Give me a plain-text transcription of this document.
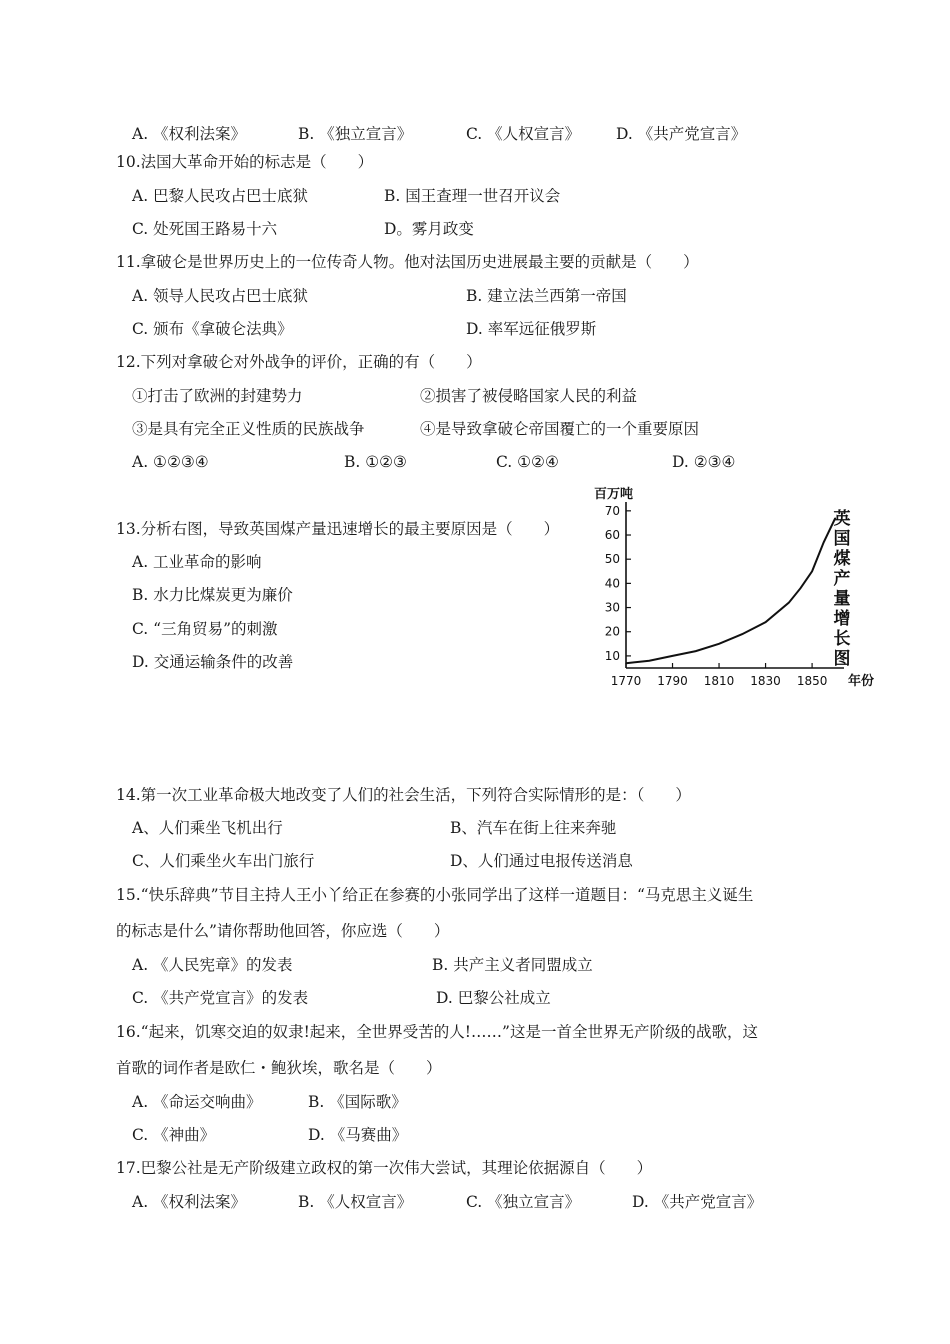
A. 《权利法案》	B. 《独立宣言》	C. 《人权宣言》 D. 《共产党宣言》
10.法国大革命开始的标志是（　　）
A. 巴黎人民攻占巴士底狱	B. 国王查理一世召开议会
C. 处死国王路易十六	D。雾月政变
11.拿破仑是世界历史上的一位传奇人物。他对法国历史进展最主要的贡献是（　　）
A. 领导人民攻占巴士底狱	B. 建立法兰西第一帝国
C. 颁布《拿破仑法典》	D. 率军远征俄罗斯
12.下列对拿破仑对外战争的评价，正确的有（　　）
①打击了欧洲的封建势力	②损害了被侵略国家人民的利益
③是具有完全正义性质的民族战争	④是导致拿破仑帝国覆亡的一个重要原因
A. ①②③④	B. ①②③	C. ①②④	D. ②③④
13.分析右图，导致英国煤产量迅速增长的最主要原因是（　　）
A. 工业革命的影响
B. 水力比煤炭更为廉价
C. “三角贸易”的刺激
D. 交通运输条件的改善	10
20
30
40
50
60
70
1770 1790 1810 1830 1850
百万吨
年份
英
国
煤
产
量
增
长
图
14.第一次工业革命极大地改变了人们的社会生活，下列符合实际情形的是：（　　）
A、人们乘坐飞机出行	B、汽车在街上往来奔驰
C、人们乘坐火车出门旅行	D、人们通过电报传送消息
15.“快乐辞典”节目主持人王小丫给正在参赛的小张同学出了这样一道题目：“马克思主义诞生
的标志是什么”请你帮助他回答，你应选（　　）
A. 《人民宪章》的发表	B. 共产主义者同盟成立
C. 《共产党宣言》的发表	D. 巴黎公社成立
16.“起来，饥寒交迫的奴隶!起来，全世界受苦的人!……”这是一首全世界无产阶级的战歌，这
首歌的词作者是欧仁・鲍狄埃，歌名是（　　）
A. 《命运交响曲》	B. 《国际歌》
C. 《神曲》	D. 《马赛曲》
17.巴黎公社是无产阶级建立政权的第一次伟大尝试，其理论依据源自（　　）
A. 《权利法案》	B. 《人权宣言》	C. 《独立宣言》	D. 《共产党宣言》
